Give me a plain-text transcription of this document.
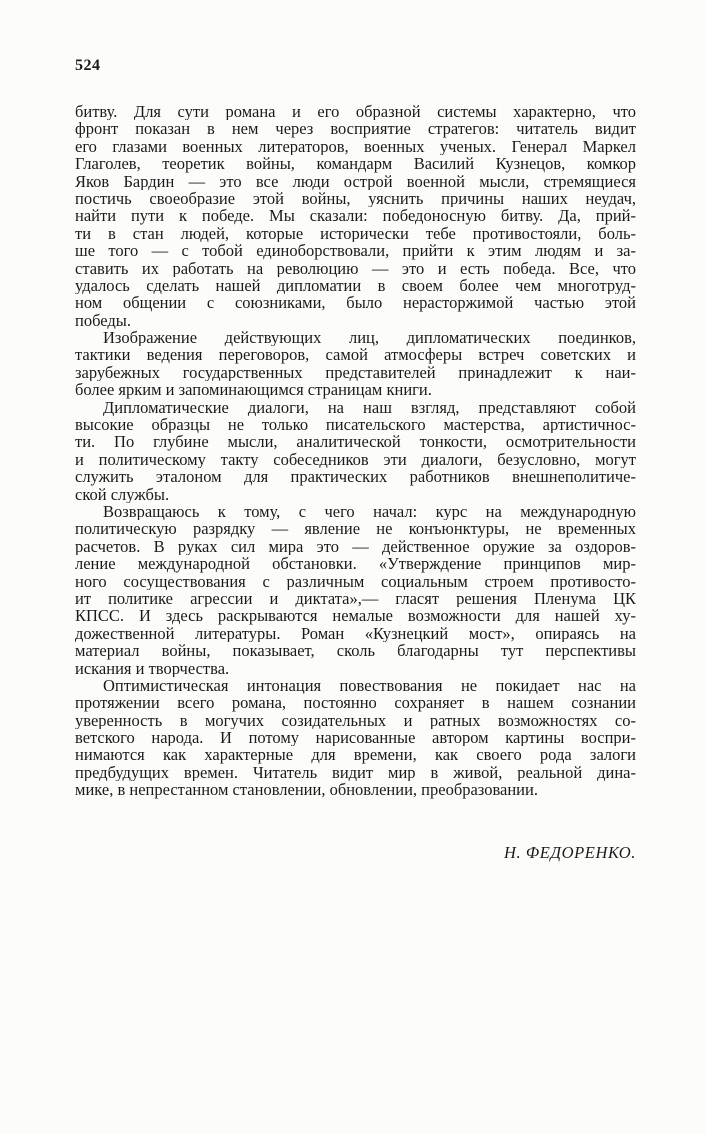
524
битву. Для сути романа и его образной системы характерно, что
фронт показан в нем через восприятие стратегов: читатель видит
его глазами военных литераторов, военных ученых. Генерал Маркел
Глаголев, теоретик войны, командарм Василий Кузнецов, комкор
Яков Бардин — это все люди острой военной мысли, стремящиеся
постичь своеобразие этой войны, уяснить причины наших неудач,
найти пути к победе. Мы сказали: победоносную битву. Да, прий-
ти в стан людей, которые исторически тебе противостояли, боль-
ше того — с тобой единоборствовали, прийти к этим людям и за-
ставить их работать на революцию — это и есть победа. Все, что
удалось сделать нашей дипломатии в своем более чем многотруд-
ном общении с союзниками, было нерасторжимой частью этой
победы.
Изображение действующих лиц, дипломатических поединков,
тактики ведения переговоров, самой атмосферы встреч советских и
зарубежных государственных представителей принадлежит к наи-
более ярким и запоминающимся страницам книги.
Дипломатические диалоги, на наш взгляд, представляют собой
высокие образцы не только писательского мастерства, артистичнос-
ти. По глубине мысли, аналитической тонкости, осмотрительности
и политическому такту собеседников эти диалоги, безусловно, могут
служить эталоном для практических работников внешнеполитиче-
ской службы.
Возвращаюсь к тому, с чего начал: курс на международную
политическую разрядку — явление не конъюнктуры, не временных
расчетов. В руках сил мира это — действенное оружие за оздоров-
ление международной обстановки. «Утверждение принципов мир-
ного сосуществования с различным социальным строем противосто-
ит политике агрессии и диктата»,— гласят решения Пленума ЦК
КПСС. И здесь раскрываются немалые возможности для нашей ху-
дожественной литературы. Роман «Кузнецкий мост», опираясь на
материал войны, показывает, сколь благодарны тут перспективы
искания и творчества.
Оптимистическая интонация повествования не покидает нас на
протяжении всего романа, постоянно сохраняет в нашем сознании
уверенность в могучих созидательных и ратных возможностях со-
ветского народа. И потому нарисованные автором картины воспри-
нимаются как характерные для времени, как своего рода залоги
предбудущих времен. Читатель видит мир в живой, реальной дина-
мике, в непрестанном становлении, обновлении, преобразовании.
Н. ФЕДОРЕНКО.
